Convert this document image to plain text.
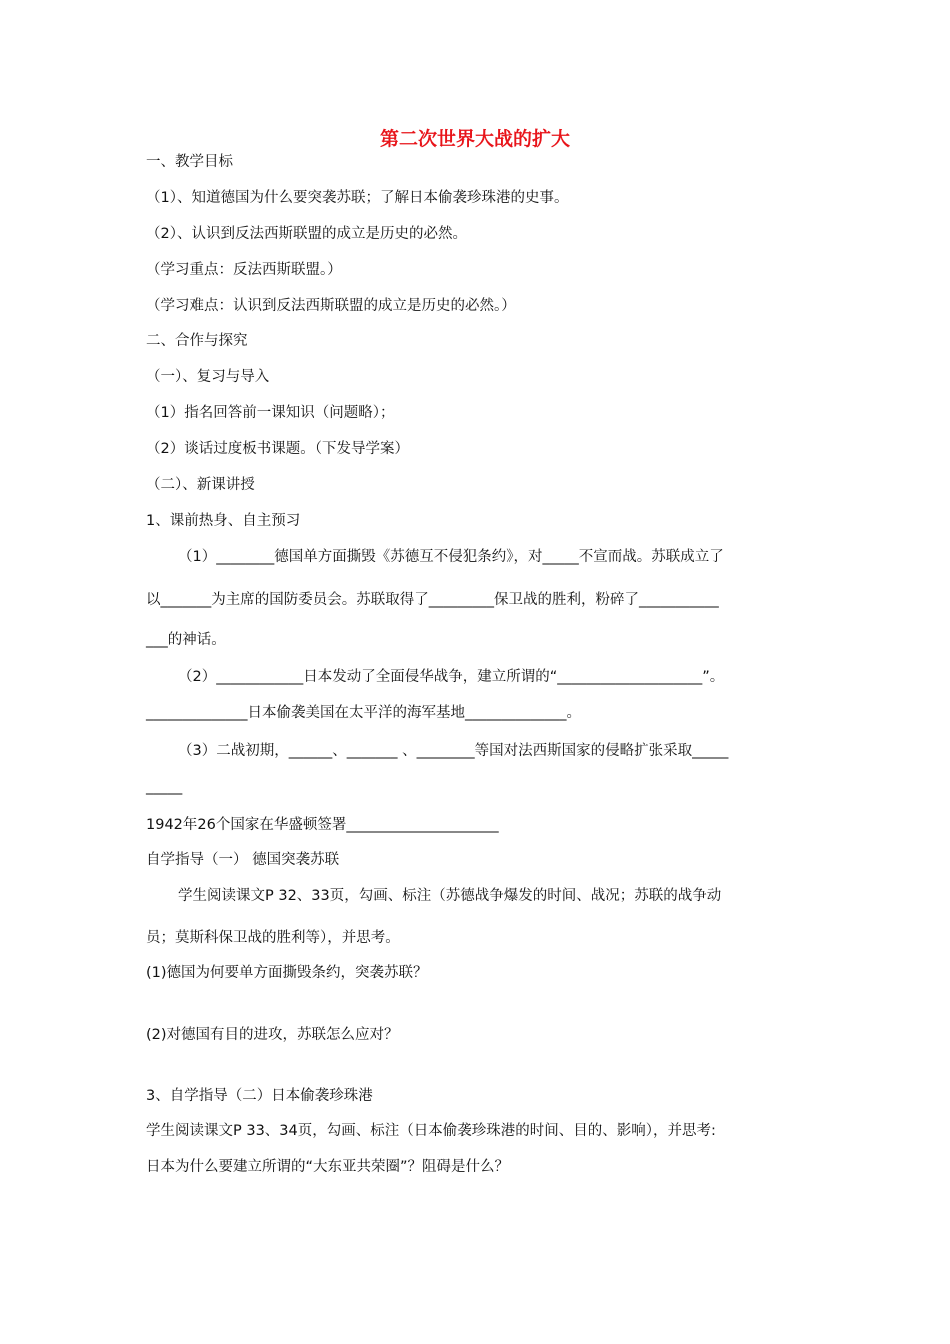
第二次世界大战的扩大
一、教学目标
（1）、知道德国为什么要突袭苏联；了解日本偷袭珍珠港的史事。
（2）、认识到反法西斯联盟的成立是历史的必然。
（学习重点：反法西斯联盟。）
（学习难点：认识到反法西斯联盟的成立是历史的必然。）
二、合作与探究
（一）、复习与导入
（1）指名回答前一课知识（问题略）；
（2）谈话过度板书课题。（下发导学案）
（二）、新课讲授
1、课前热身、自主预习
（1）________德国单方面撕毁《苏德互不侵犯条约》，对_____不宣而战。苏联成立了
以_______为主席的国防委员会。苏联取得了_________保卫战的胜利，粉碎了___________
___的神话。
（2）____________日本发动了全面侵华战争，建立所谓的“____________________”。
______________日本偷袭美国在太平洋的海军基地______________。
（3）二战初期，______、_______ 、________等国对法西斯国家的侵略扩张采取_____
_____
1942年26个国家在华盛顿签署_____________________
自学指导（一） 德国突袭苏联
学生阅读课文P 32、33页，勾画、标注（苏德战争爆发的时间、战况；苏联的战争动
员；莫斯科保卫战的胜利等），并思考。
(1)德国为何要单方面撕毁条约，突袭苏联？
(2)对德国有目的进攻，苏联怎么应对？
3、自学指导（二）日本偷袭珍珠港
学生阅读课文P 33、34页，勾画、标注（日本偷袭珍珠港的时间、目的、影响），并思考:
日本为什么要建立所谓的“大东亚共荣圈”？阻碍是什么？
